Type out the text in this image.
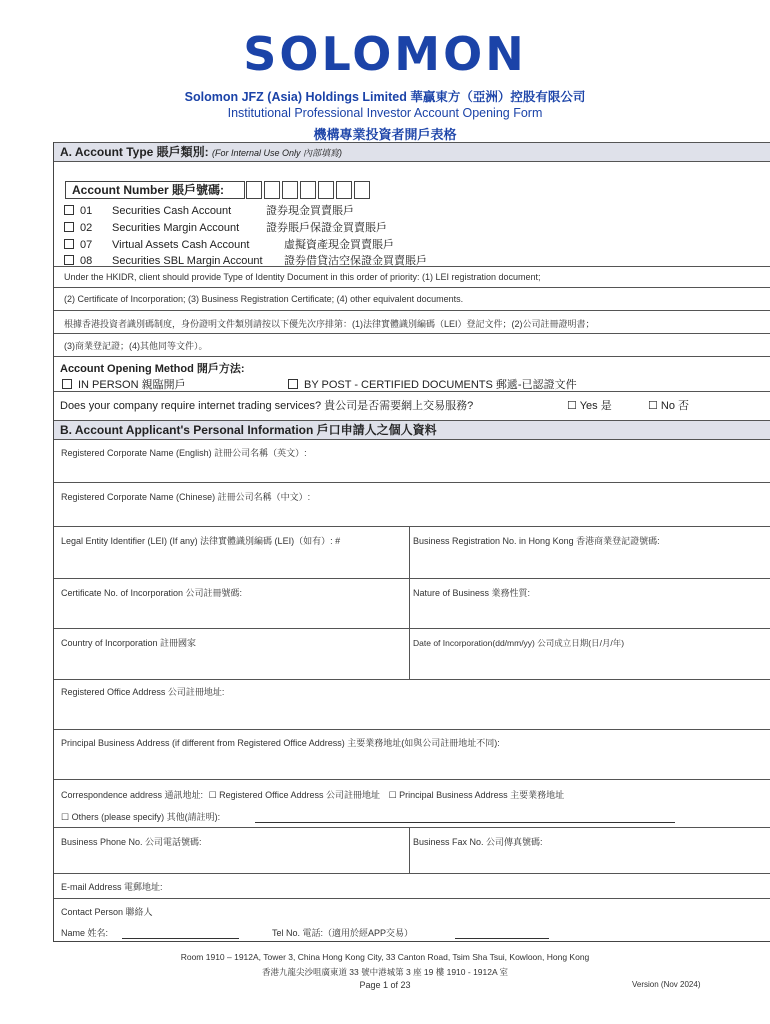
SOLOMON
Solomon JFZ (Asia) Holdings Limited 華贏東方（亞洲）控股有限公司
Institutional Professional Investor Account Opening Form
機構專業投資者開戶表格
A. Account Type 賬戶類別: (For Internal Use Only 內部填寫)
Account Number 賬戶號碼:
01 Securities Cash Account	證券現金買賣賬戶
02 Securities Margin Account 證券賬戶保證金買賣賬戶
07 Virtual Assets Cash Account	虛擬資產現金買賣賬戶
08 Securities SBL Margin Account 證券借貸沽空保證金買賣賬戶
Under the HKIDR, client should provide Type of Identity Document in this order of priority: (1) LEI registration document;
(2) Certificate of Incorporation; (3) Business Registration Certificate; (4) other equivalent documents.
根據香港投資者識別碼制度，身份證明文件類別請按以下優先次序排第：(1)法律實體識別編碼（LEI）登記文件；(2)公司註冊證明書；
(3)商業登記證；(4)其他同等文件）。
Account Opening Method 開戶方法:
IN PERSON 親臨開戶	BY POST - CERTIFIED DOCUMENTS 郵遞-已認證文件
Does your company require internet trading services? 貴公司是否需要網上交易服務?	☐ Yes 是	☐ No 否
B. Account Applicant's Personal Information 戶口申請人之個人資料
Registered Corporate Name (English) 註冊公司名稱（英文）:
Registered Corporate Name (Chinese) 註冊公司名稱（中文）:
Legal Entity Identifier (LEI) (If any) 法律實體識別編碼 (LEI)（如有）: #	Business Registration No. in Hong Kong 香港商業登記證號碼:
Certificate No. of Incorporation 公司註冊號碼:	Nature of Business 業務性質:
Country of Incorporation 註冊國家	Date of Incorporation(dd/mm/yy) 公司成立日期(日/月/年)
Registered Office Address 公司註冊地址:
Principal Business Address (if different from Registered Office Address) 主要業務地址(如與公司註冊地址不同):
Correspondence address 通訊地址: ☐ Registered Office Address 公司註冊地址 ☐ Principal Business Address 主要業務地址
☐ Others (please specify) 其他(請註明):
Business Phone No. 公司電話號碼:	Business Fax No. 公司傳真號碼:
E-mail Address 電郵地址:
Contact Person 聯絡人
Name 姓名:	Tel No. 電話:（適用於經APP交易）
Room 1910 – 1912A, Tower 3, China Hong Kong City, 33 Canton Road, Tsim Sha Tsui, Kowloon, Hong Kong
香港九龍尖沙咀廣東道 33 號中港城第 3 座 19 樓 1910 - 1912A 室
Page 1 of 23	Version (Nov 2024)
